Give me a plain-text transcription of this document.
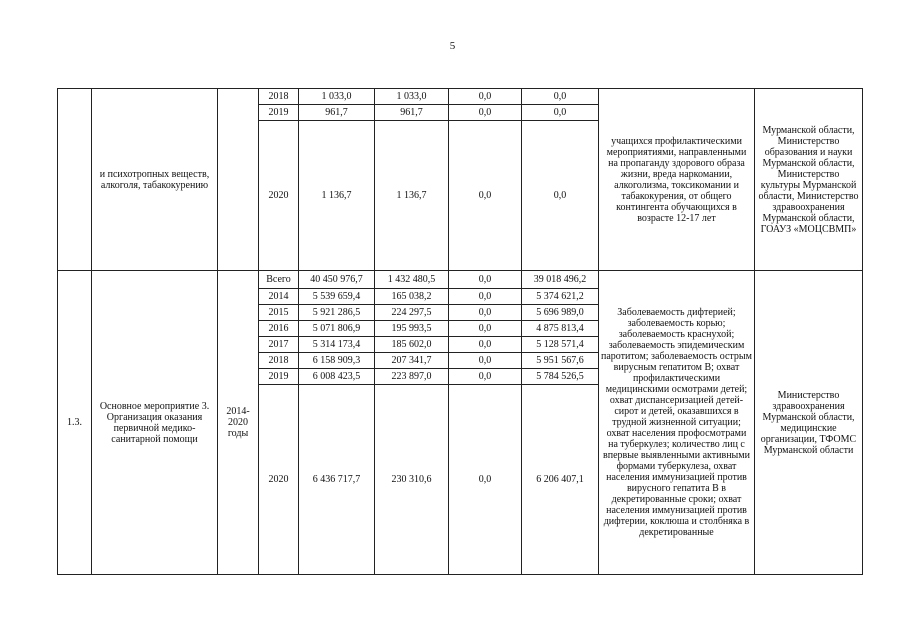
5
	и психотропных веществ, алкоголя, табакокурению		2018	1 033,0	1 033,0	0,0	0,0	учащихся профилактическими мероприятиями, направленными на пропаганду здорового образа жизни, вреда наркомании, алкоголизма, токсикомании и табакокурения, от общего контингента обучающихся в возрасте 12-17 лет	Мурманской области, Министерство образования и науки Мурманской области, Министерство культуры Мурманской области, Министерство здравоохранения Мурманской области, ГОАУЗ «МОЦСВМП»
			2019	961,7	961,7	0,0	0,0		
			2020	1 136,7	1 136,7	0,0	0,0		
1.3.	Основное мероприятие 3. Организация оказания первичной медико-санитарной помощи	2014-2020 годы	Всего	40 450 976,7	1 432 480,5	0,0	39 018 496,2	Заболеваемость дифтерией; заболеваемость корью; заболеваемость краснухой; заболеваемость эпидемическим паротитом; заболеваемость острым вирусным гепатитом В; охват профилактическими медицинскими осмотрами детей; охват диспансеризацией детей-сирот и детей, оказавшихся в трудной жизненной ситуации; охват населения профосмотрами на туберкулез; количество лиц с впервые выявленными активными формами туберкулеза, охват населения иммунизацией против вирусного гепатита В в декретированные сроки; охват населения иммунизацией против дифтерии, коклюша и столбняка в декретированные	Министерство здравоохранения Мурманской области, медицинские организации, ТФОМС Мурманской области
			2014	5 539 659,4	165 038,2	0,0	5 374 621,2		
			2015	5 921 286,5	224 297,5	0,0	5 696 989,0		
			2016	5 071 806,9	195 993,5	0,0	4 875 813,4		
			2017	5 314 173,4	185 602,0	0,0	5 128 571,4		
			2018	6 158 909,3	207 341,7	0,0	5 951 567,6		
			2019	6 008 423,5	223 897,0	0,0	5 784 526,5		
			2020	6 436 717,7	230 310,6	0,0	6 206 407,1		
